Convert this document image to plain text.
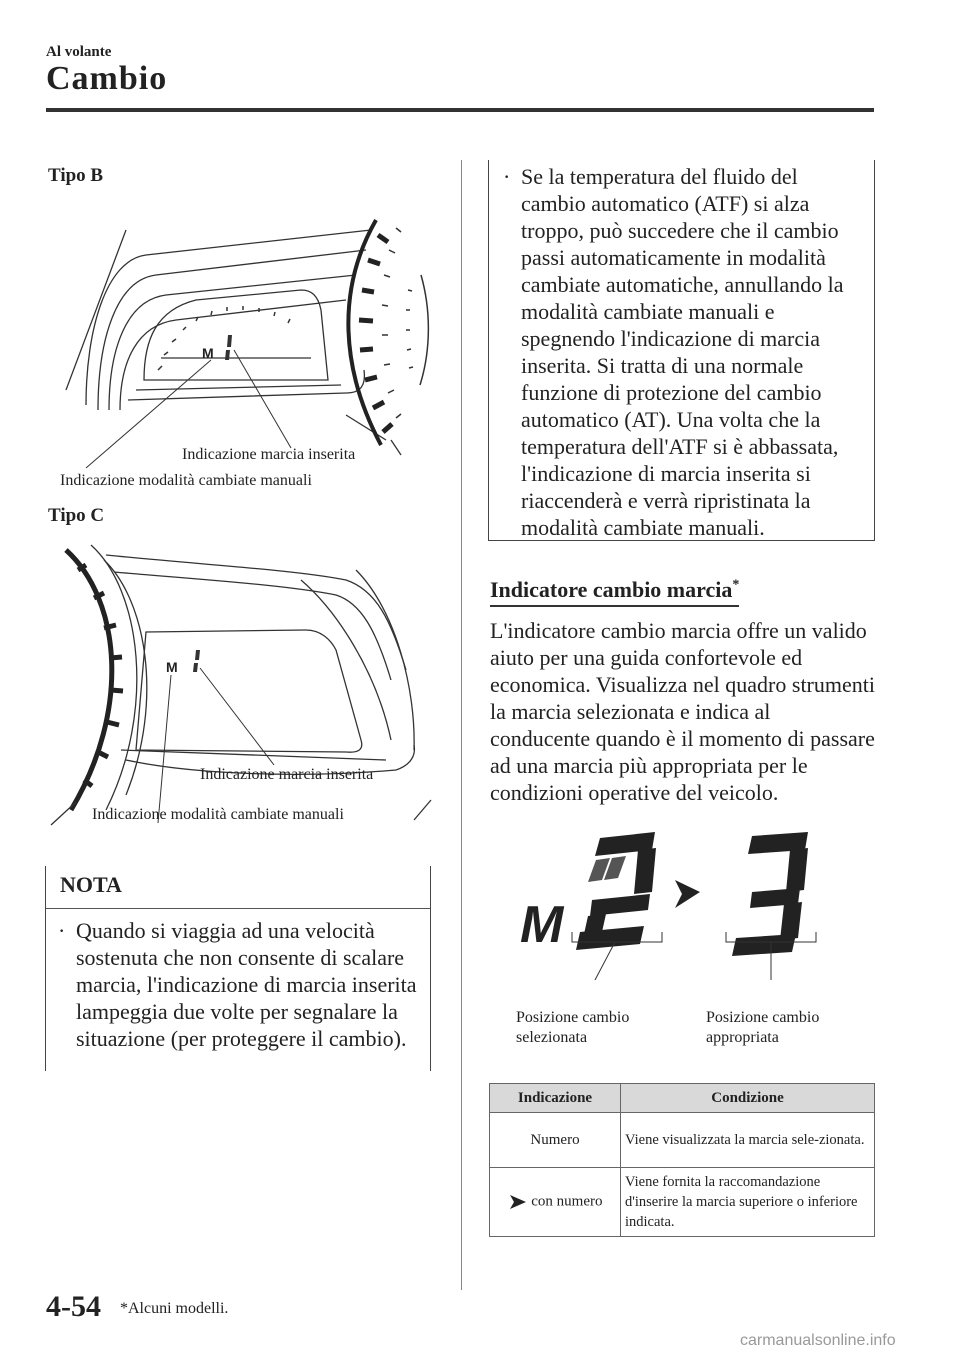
Al volante
Cambio
Tipo B
M
Indicazione marcia inserita
Indicazione modalità cambiate manuali
Tipo C
M
Indicazione marcia inserita
Indicazione modalità cambiate manuali
NOTA
· Quando si viaggia ad una velocità sostenuta che non consente di scalare marcia, l'indicazione di marcia inserita lampeggia due volte per segnalare la situazione (per proteggere il cambio).
· Se la temperatura del fluido del cambio automatico (ATF) si alza troppo, può succedere che il cambio passi automaticamente in modalità cambiate automatiche, annullando la modalità cambiate manuali e spegnendo l'indicazione di marcia inserita. Si tratta di una normale funzione di protezione del cambio automatico (AT). Una volta che la temperatura dell'ATF si è abbassata, l'indicazione di marcia inserita si riaccenderà e verrà ripristinata la modalità cambiate manuali.
Indicatore cambio marcia*
L'indicatore cambio marcia offre un valido aiuto per una guida confortevole ed economica. Visualizza nel quadro strumenti la marcia selezionata e indica al conducente quando è il momento di passare ad una marcia più appropriata per le condizioni operative del veicolo.
M
Posizione cambio
selezionata
Posizione cambio
appropriata
Indicazione	Condizione
Numero	Viene visualizzata la marcia sele-zionata.
con numero	Viene fornita la raccomandazione d'inserire la marcia superiore o inferiore indicata.
4-54 *Alcuni modelli.
carmanualsonline.info
